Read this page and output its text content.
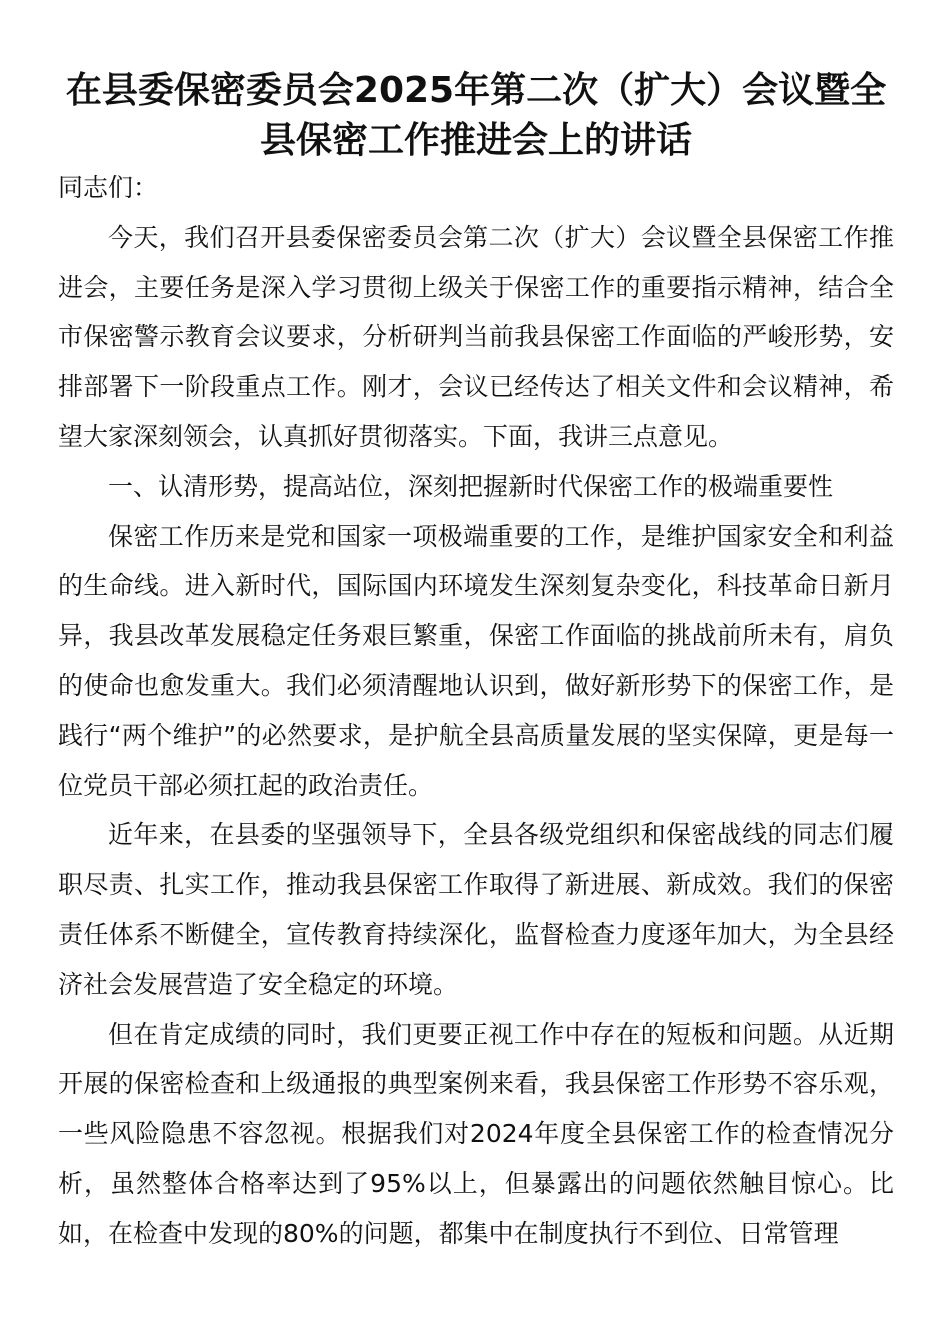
在县委保密委员会2025年第二次（扩大）会议暨全县保密工作推进会上的讲话

同志们：

今天，我们召开县委保密委员会第二次（扩大）会议暨全县保密工作推进会，主要任务是深入学习贯彻上级关于保密工作的重要指示精神，结合全市保密警示教育会议要求，分析研判当前我县保密工作面临的严峻形势，安排部署下一阶段重点工作。刚才，会议已经传达了相关文件和会议精神，希望大家深刻领会，认真抓好贯彻落实。下面，我讲三点意见。

一、认清形势，提高站位，深刻把握新时代保密工作的极端重要性

保密工作历来是党和国家一项极端重要的工作，是维护国家安全和利益的生命线。进入新时代，国际国内环境发生深刻复杂变化，科技革命日新月异，我县改革发展稳定任务艰巨繁重，保密工作面临的挑战前所未有，肩负的使命也愈发重大。我们必须清醒地认识到，做好新形势下的保密工作，是践行“两个维护”的必然要求，是护航全县高质量发展的坚实保障，更是每一位党员干部必须扛起的政治责任。

近年来，在县委的坚强领导下，全县各级党组织和保密战线的同志们履职尽责、扎实工作，推动我县保密工作取得了新进展、新成效。我们的保密责任体系不断健全，宣传教育持续深化，监督检查力度逐年加大，为全县经济社会发展营造了安全稳定的环境。

但在肯定成绩的同时，我们更要正视工作中存在的短板和问题。从近期开展的保密检查和上级通报的典型案例来看，我县保密工作形势不容乐观，一些风险隐患不容忽视。根据我们对2024年度全县保密工作的检查情况分析，虽然整体合格率达到了95%以上，但暴露出的问题依然触目惊心。比如，在检查中发现的80%的问题，都集中在制度执行不到位、日常管理
